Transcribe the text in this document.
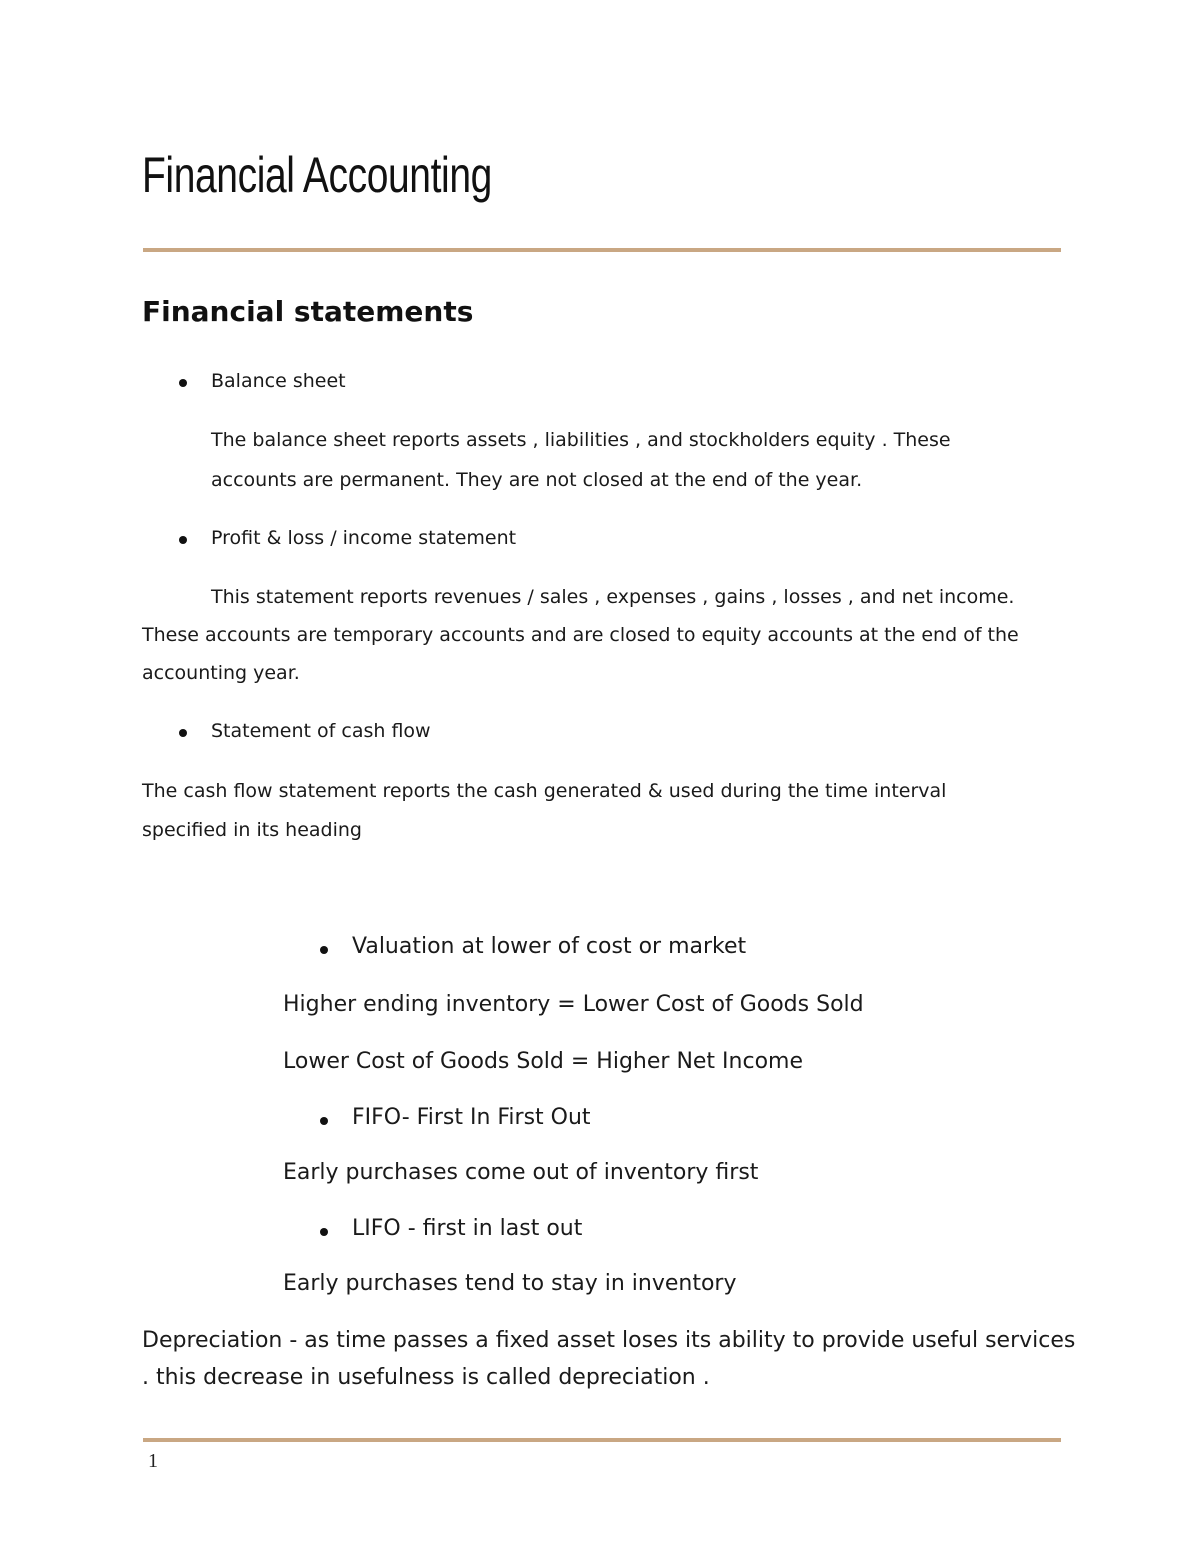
Financial Accounting
Financial statements
Balance sheet
The balance sheet reports assets , liabilities , and stockholders equity . These
accounts are permanent. They are not closed at the end of the year.
Profit & loss / income statement
This statement reports revenues / sales , expenses , gains , losses , and net income.
These accounts are temporary accounts and are closed to equity accounts at the end of the
accounting year.
Statement of cash flow
The cash flow statement reports the cash generated & used during the time interval
specified in its heading
Valuation at lower of cost or market
Higher ending inventory = Lower Cost of Goods Sold
Lower Cost of Goods Sold = Higher Net Income
FIFO- First In First Out
Early purchases come out of inventory first
LIFO - first in last out
Early purchases tend to stay in inventory
Depreciation - as time passes a fixed asset loses its ability to provide useful services
. this decrease in usefulness is called depreciation .
1
